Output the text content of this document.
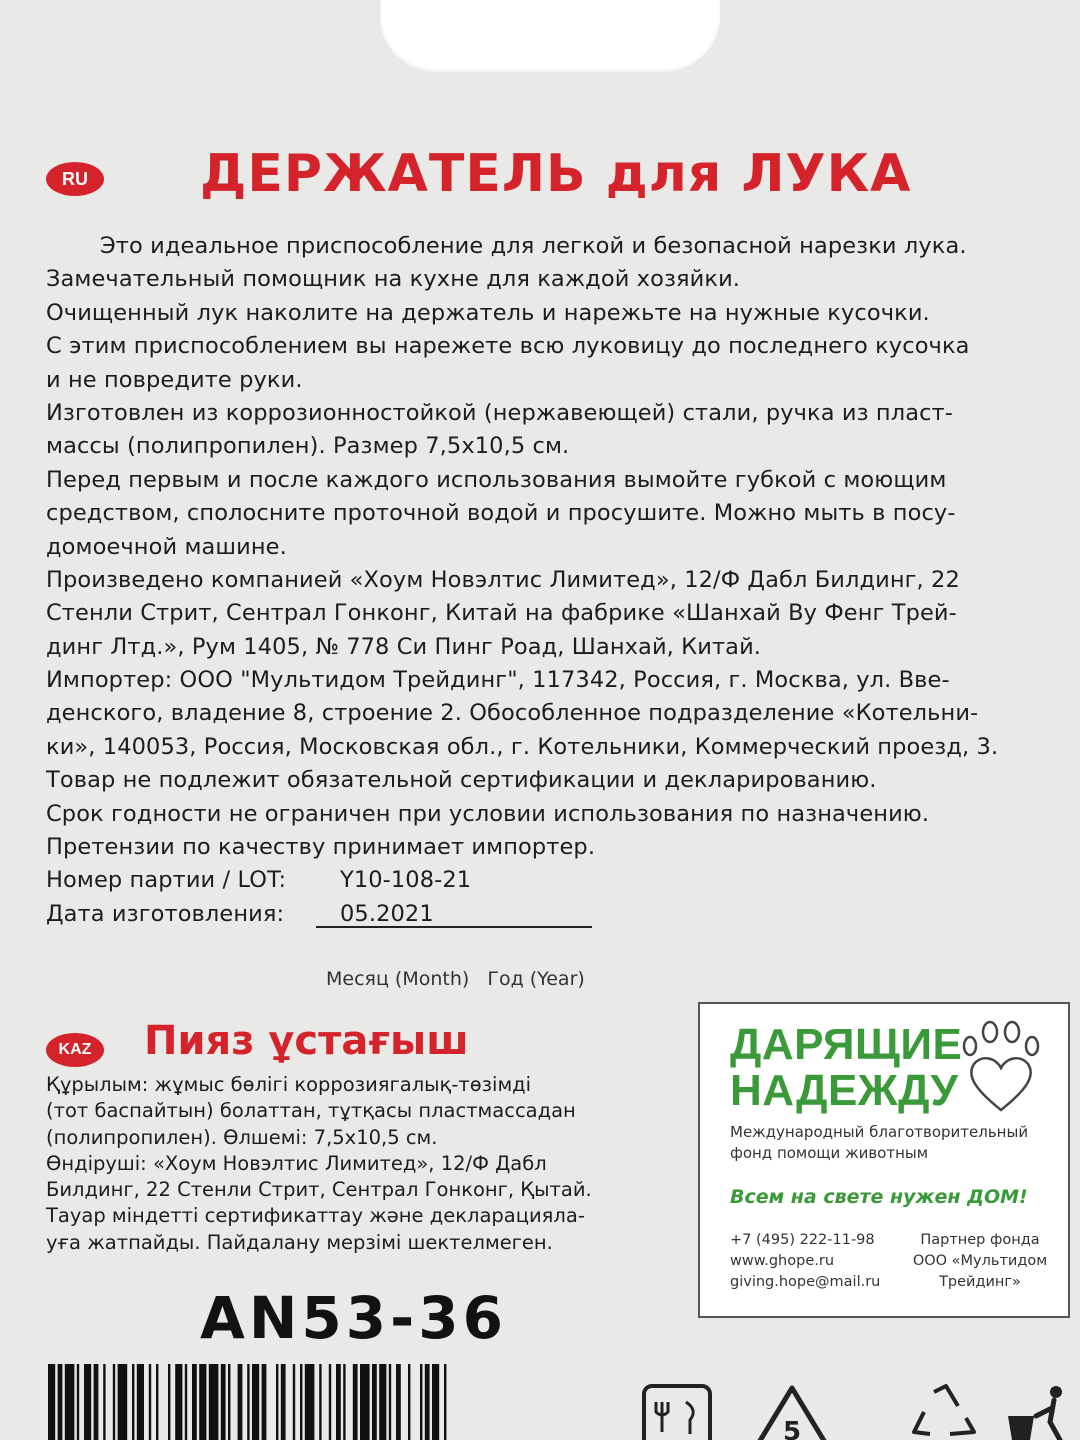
RU	ДЕРЖАТЕЛЬ для ЛУКА
Это идеальное приспособление для легкой и безопасной нарезки лука.
Замечательный помощник на кухне для каждой хозяйки.
Очищенный лук наколите на держатель и нарежьте на нужные кусочки.
С этим приспособлением вы нарежете всю луковицу до последнего кусочка
и не повредите руки.
Изготовлен из коррозионностойкой (нержавеющей) стали, ручка из пласт-
массы (полипропилен). Размер 7,5х10,5 см.
Перед первым и после каждого использования вымойте губкой с моющим
средством, сполосните проточной водой и просушите. Можно мыть в посу-
домоечной машине.
Произведено компанией «Хоум Новэлтис Лимитед», 12/Ф Дабл Билдинг, 22
Стенли Стрит, Сентрал Гонконг, Китай на фабрике «Шанхай Ву Фенг Трей-
динг Лтд.», Рум 1405, № 778 Си Пинг Роад, Шанхай, Китай.
Импортер: ООО "Мультидом Трейдинг", 117342, Россия, г. Москва, ул. Вве-
денского, владение 8, строение 2. Обособленное подразделение «Котельни-
ки», 140053, Россия, Московская обл., г. Котельники, Коммерческий проезд, 3.
Товар не подлежит обязательной сертификации и декларированию.
Срок годности не ограничен при условии использования по назначению.
Претензии по качеству принимает импортер.
Номер партии / LOT: Y10-108-21
Дата изготовления:	05.2021
Месяц (Month) Год (Year)
KAZ	Пияз ұстағыш
Құрылым: жұмыс бөлігі коррозиягалық-төзімді
(тот баспайтын) болаттан, тұтқасы пластмассадан
(полипропилен). Өлшемі: 7,5х10,5 см.
Өндіруші: «Хоум Новэлтис Лимитед», 12/Ф Дабл
Билдинг, 22 Стенли Стрит, Сентрал Гонконг, Қытай.
Тауар міндетті сертификаттау және декларациялa-
уға жатпайды. Пайдалану мерзімі шектелмеген.
AN53-36
ДАРЯЩИЕ
НАДЕЖДУ
Международный благотворительный фонд помощи животным
Всем на свете нужен ДОМ!
+7 (495) 222-11-98
www.ghope.ru
giving.hope@mail.ru
Партнер фонда
ООО «Мультидом
Трейдинг»
5
